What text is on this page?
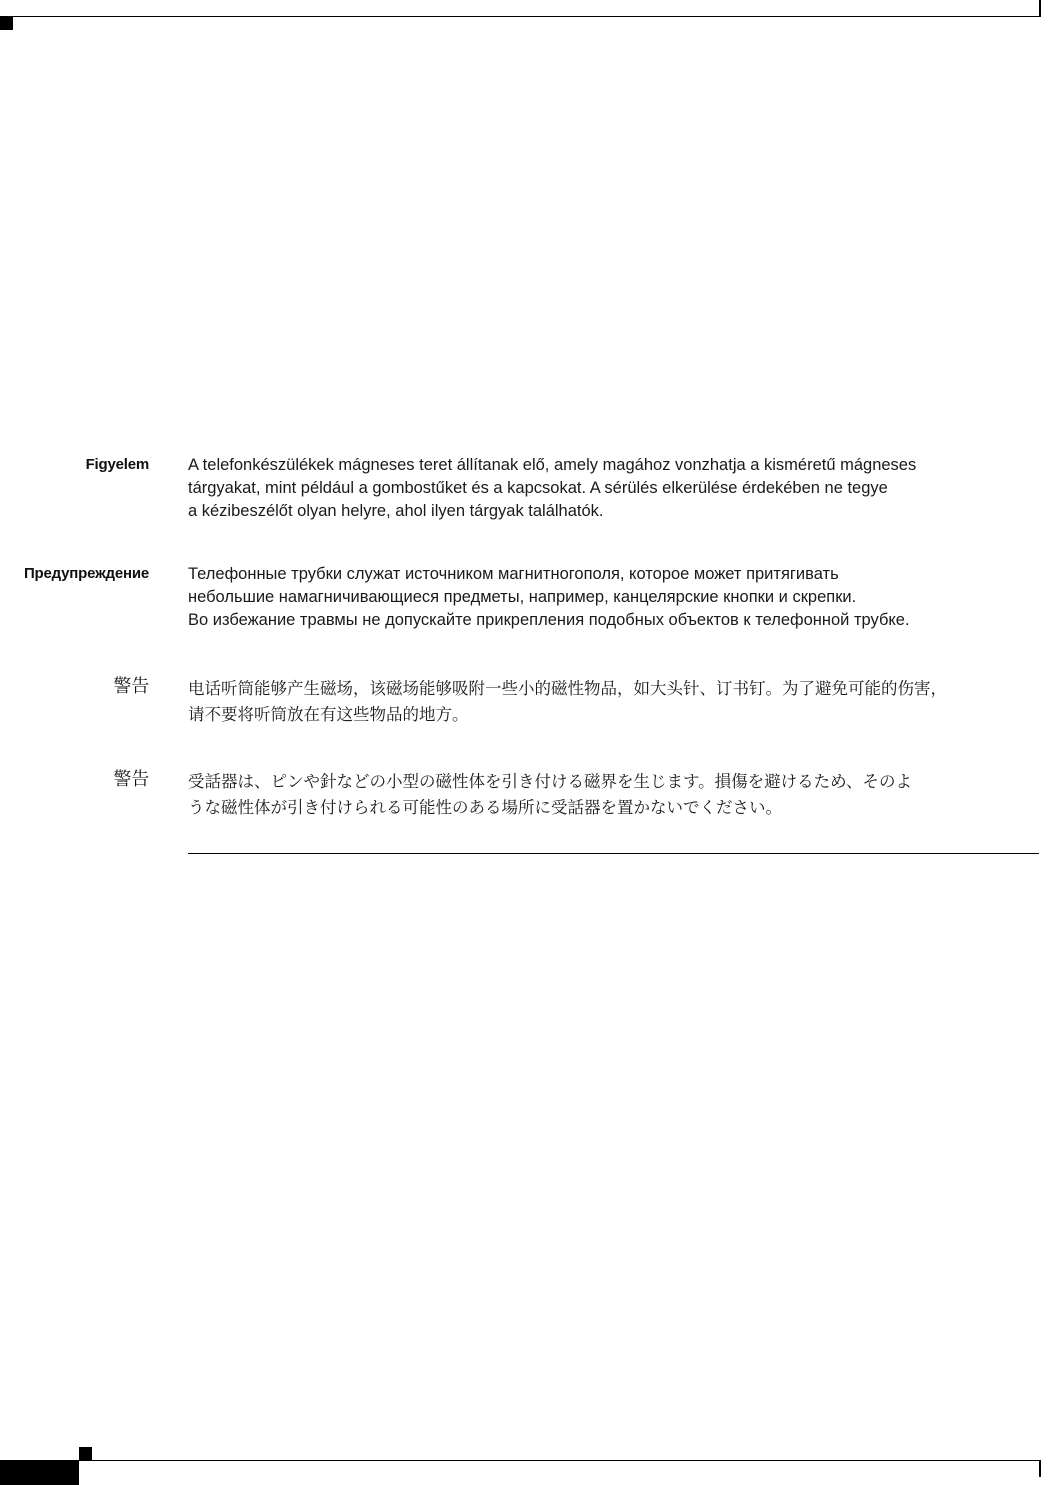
Figyelem A telefonkészülékek mágneses teret állítanak elő, amely magához vonzhatja a kisméretű mágneses
tárgyakat, mint például a gombostűket és a kapcsokat. A sérülés elkerülése érdekében ne tegye
a kézibeszélőt olyan helyre, ahol ilyen tárgyak találhatók.
Предупреждение Телефонные трубки служат источником магнитногополя, которое может притягивать
небольшие намагничивающиеся предметы, например, канцелярские кнопки и скрепки.
Во избежание травмы не допускайте прикрепления подобных объектов к телефонной трубке.
警告 电话听筒能够产生磁场，该磁场能够吸附一些小的磁性物品，如大头针、订书钉。为了避免可能的伤害，
请不要将听筒放在有这些物品的地方。
警告 受話器は、ピンや針などの小型の磁性体を引き付ける磁界を生じます。損傷を避けるため、そのよ
うな磁性体が引き付けられる可能性のある場所に受話器を置かないでください。
